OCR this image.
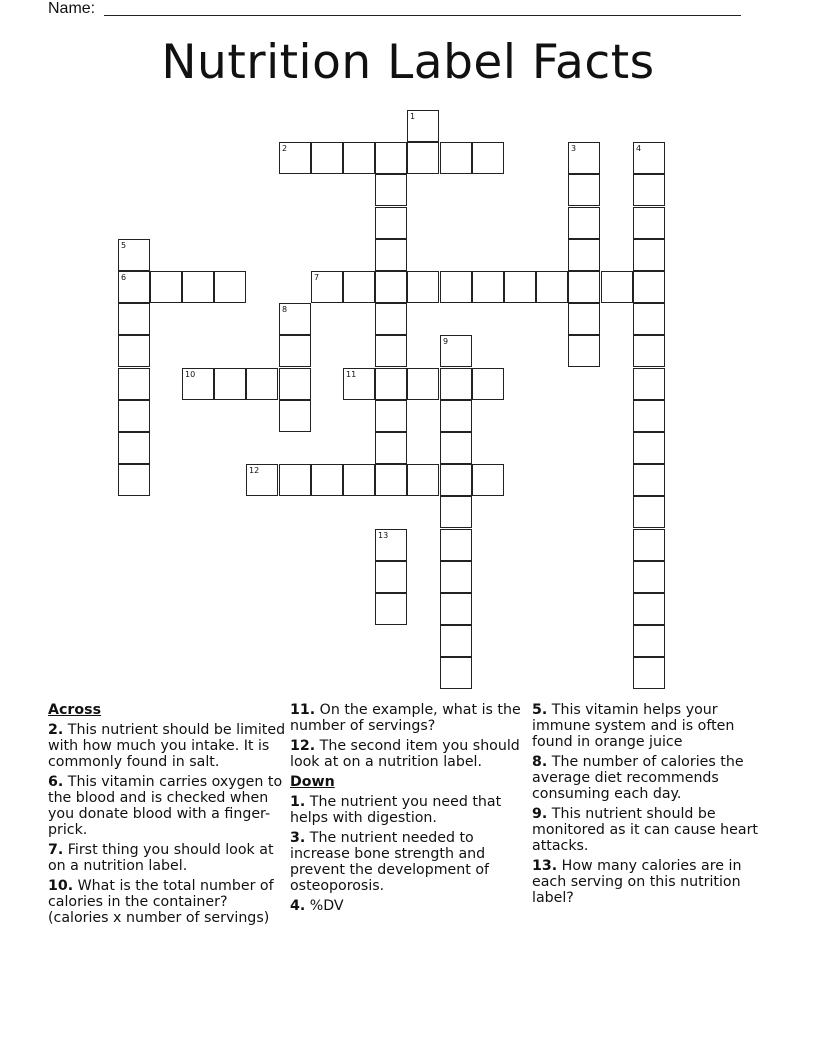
Name:
Nutrition Label Facts
1
2	3	4
5
6	7
8
9
10	11
12
13
Across
2. This nutrient should be limited with how much you intake. It is commonly found in salt.
6. This vitamin carries oxygen to the blood and is checked when you donate blood with a finger-prick.
7. First thing you should look at on a nutrition label.
10. What is the total number of calories in the container? (calories x number of servings)
11. On the example, what is the number of servings?
12. The second item you should look at on a nutrition label.
Down
1. The nutrient you need that helps with digestion.
3. The nutrient needed to increase bone strength and prevent the development of osteoporosis.
4. %DV
5. This vitamin helps your immune system and is often found in orange juice
8. The number of calories the average diet recommends consuming each day.
9. This nutrient should be monitored as it can cause heart attacks.
13. How many calories are in each serving on this nutrition label?
